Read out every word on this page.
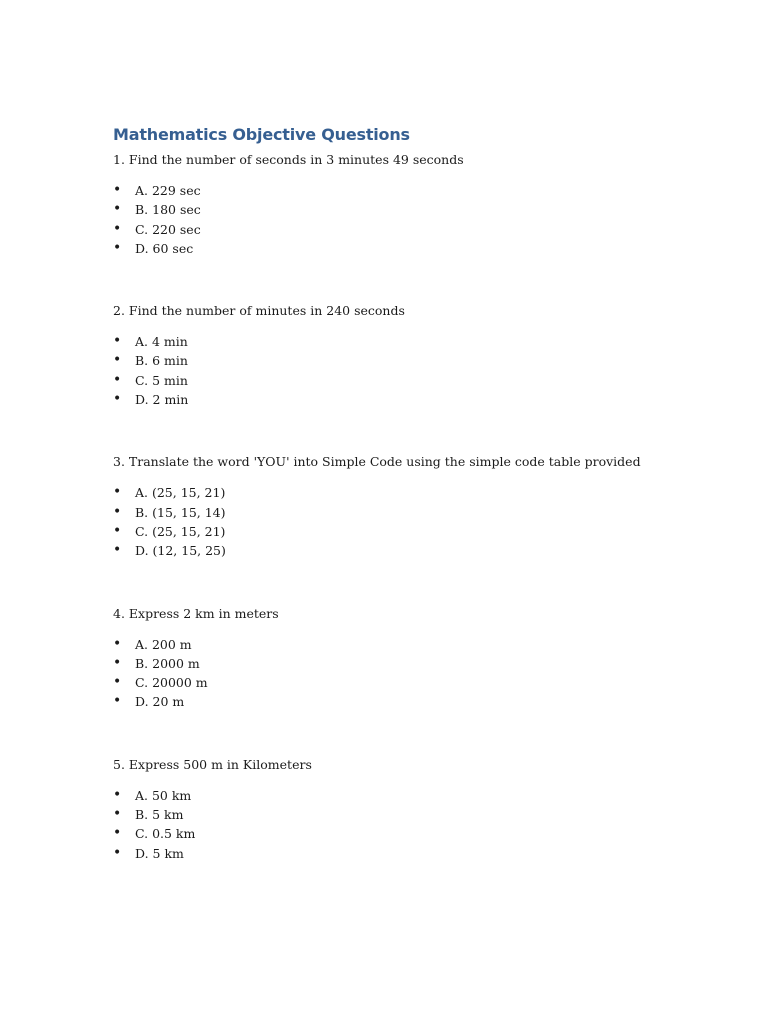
Mathematics Objective Questions

1. Find the number of seconds in 3 minutes 49 seconds

• A. 229 sec
• B. 180 sec
• C. 220 sec
• D. 60 sec

2. Find the number of minutes in 240 seconds

• A. 4 min
• B. 6 min
• C. 5 min
• D. 2 min

3. Translate the word 'YOU' into Simple Code using the simple code table provided

• A. (25, 15, 21)
• B. (15, 15, 14)
• C. (25, 15, 21)
• D. (12, 15, 25)

4. Express 2 km in meters

• A. 200 m
• B. 2000 m
• C. 20000 m
• D. 20 m

5. Express 500 m in Kilometers

• A. 50 km
• B. 5 km
• C. 0.5 km
• D. 5 km
